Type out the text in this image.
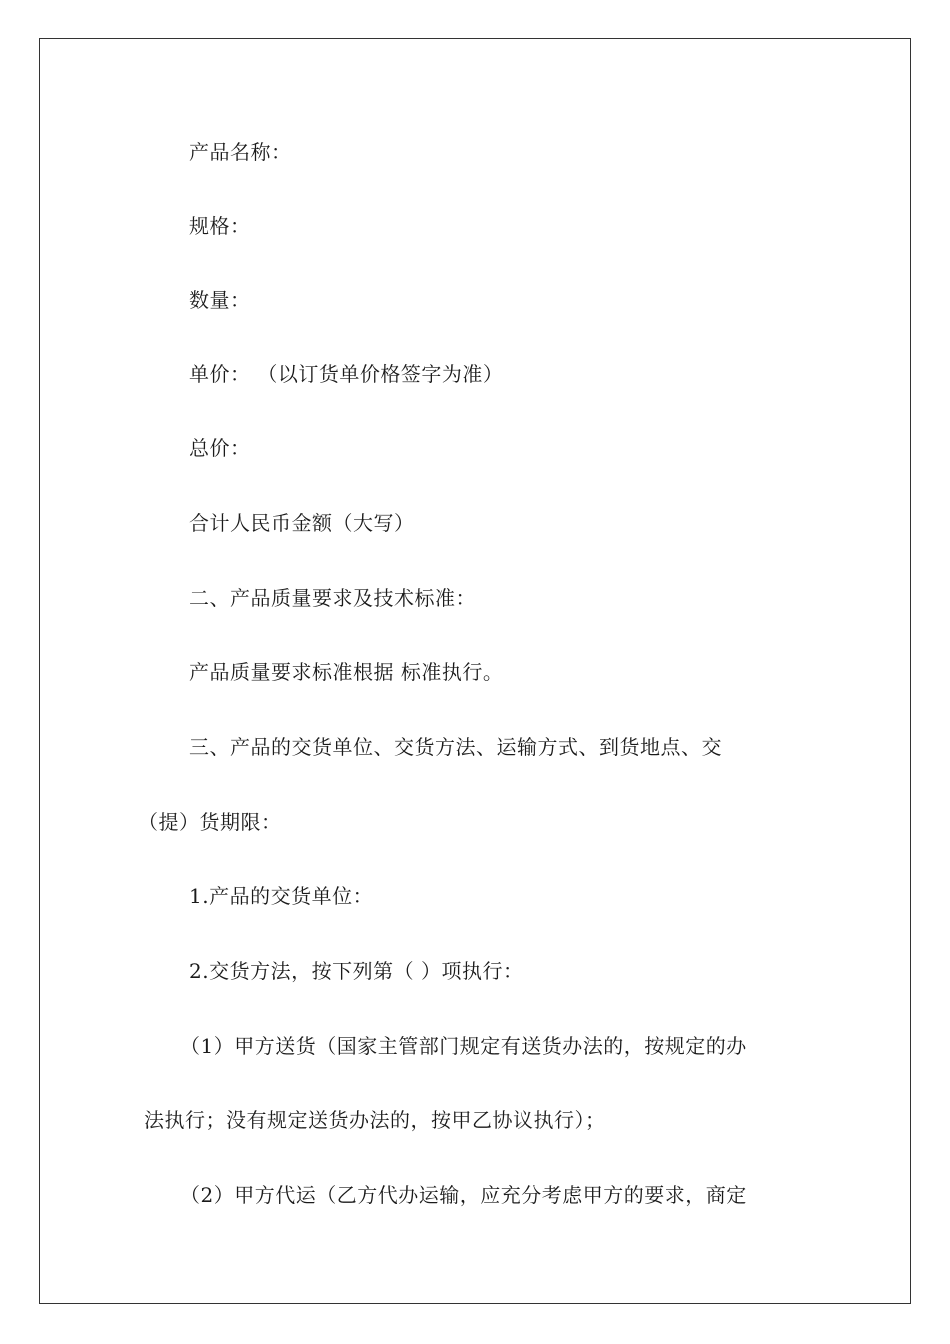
产品名称：
规格：
数量：
单价： （以订货单价格签字为准）
总价：
合计人民币金额（大写）
二、产品质量要求及技术标准：
产品质量要求标准根据 标准执行。
三、产品的交货单位、交货方法、运输方式、到货地点、交
（提）货期限：
1.产品的交货单位：
2.交货方法，按下列第（ ）项执行：
（1）甲方送货（国家主管部门规定有送货办法的，按规定的办
法执行；没有规定送货办法的，按甲乙协议执行）；
（2）甲方代运（乙方代办运输，应充分考虑甲方的要求，商定
